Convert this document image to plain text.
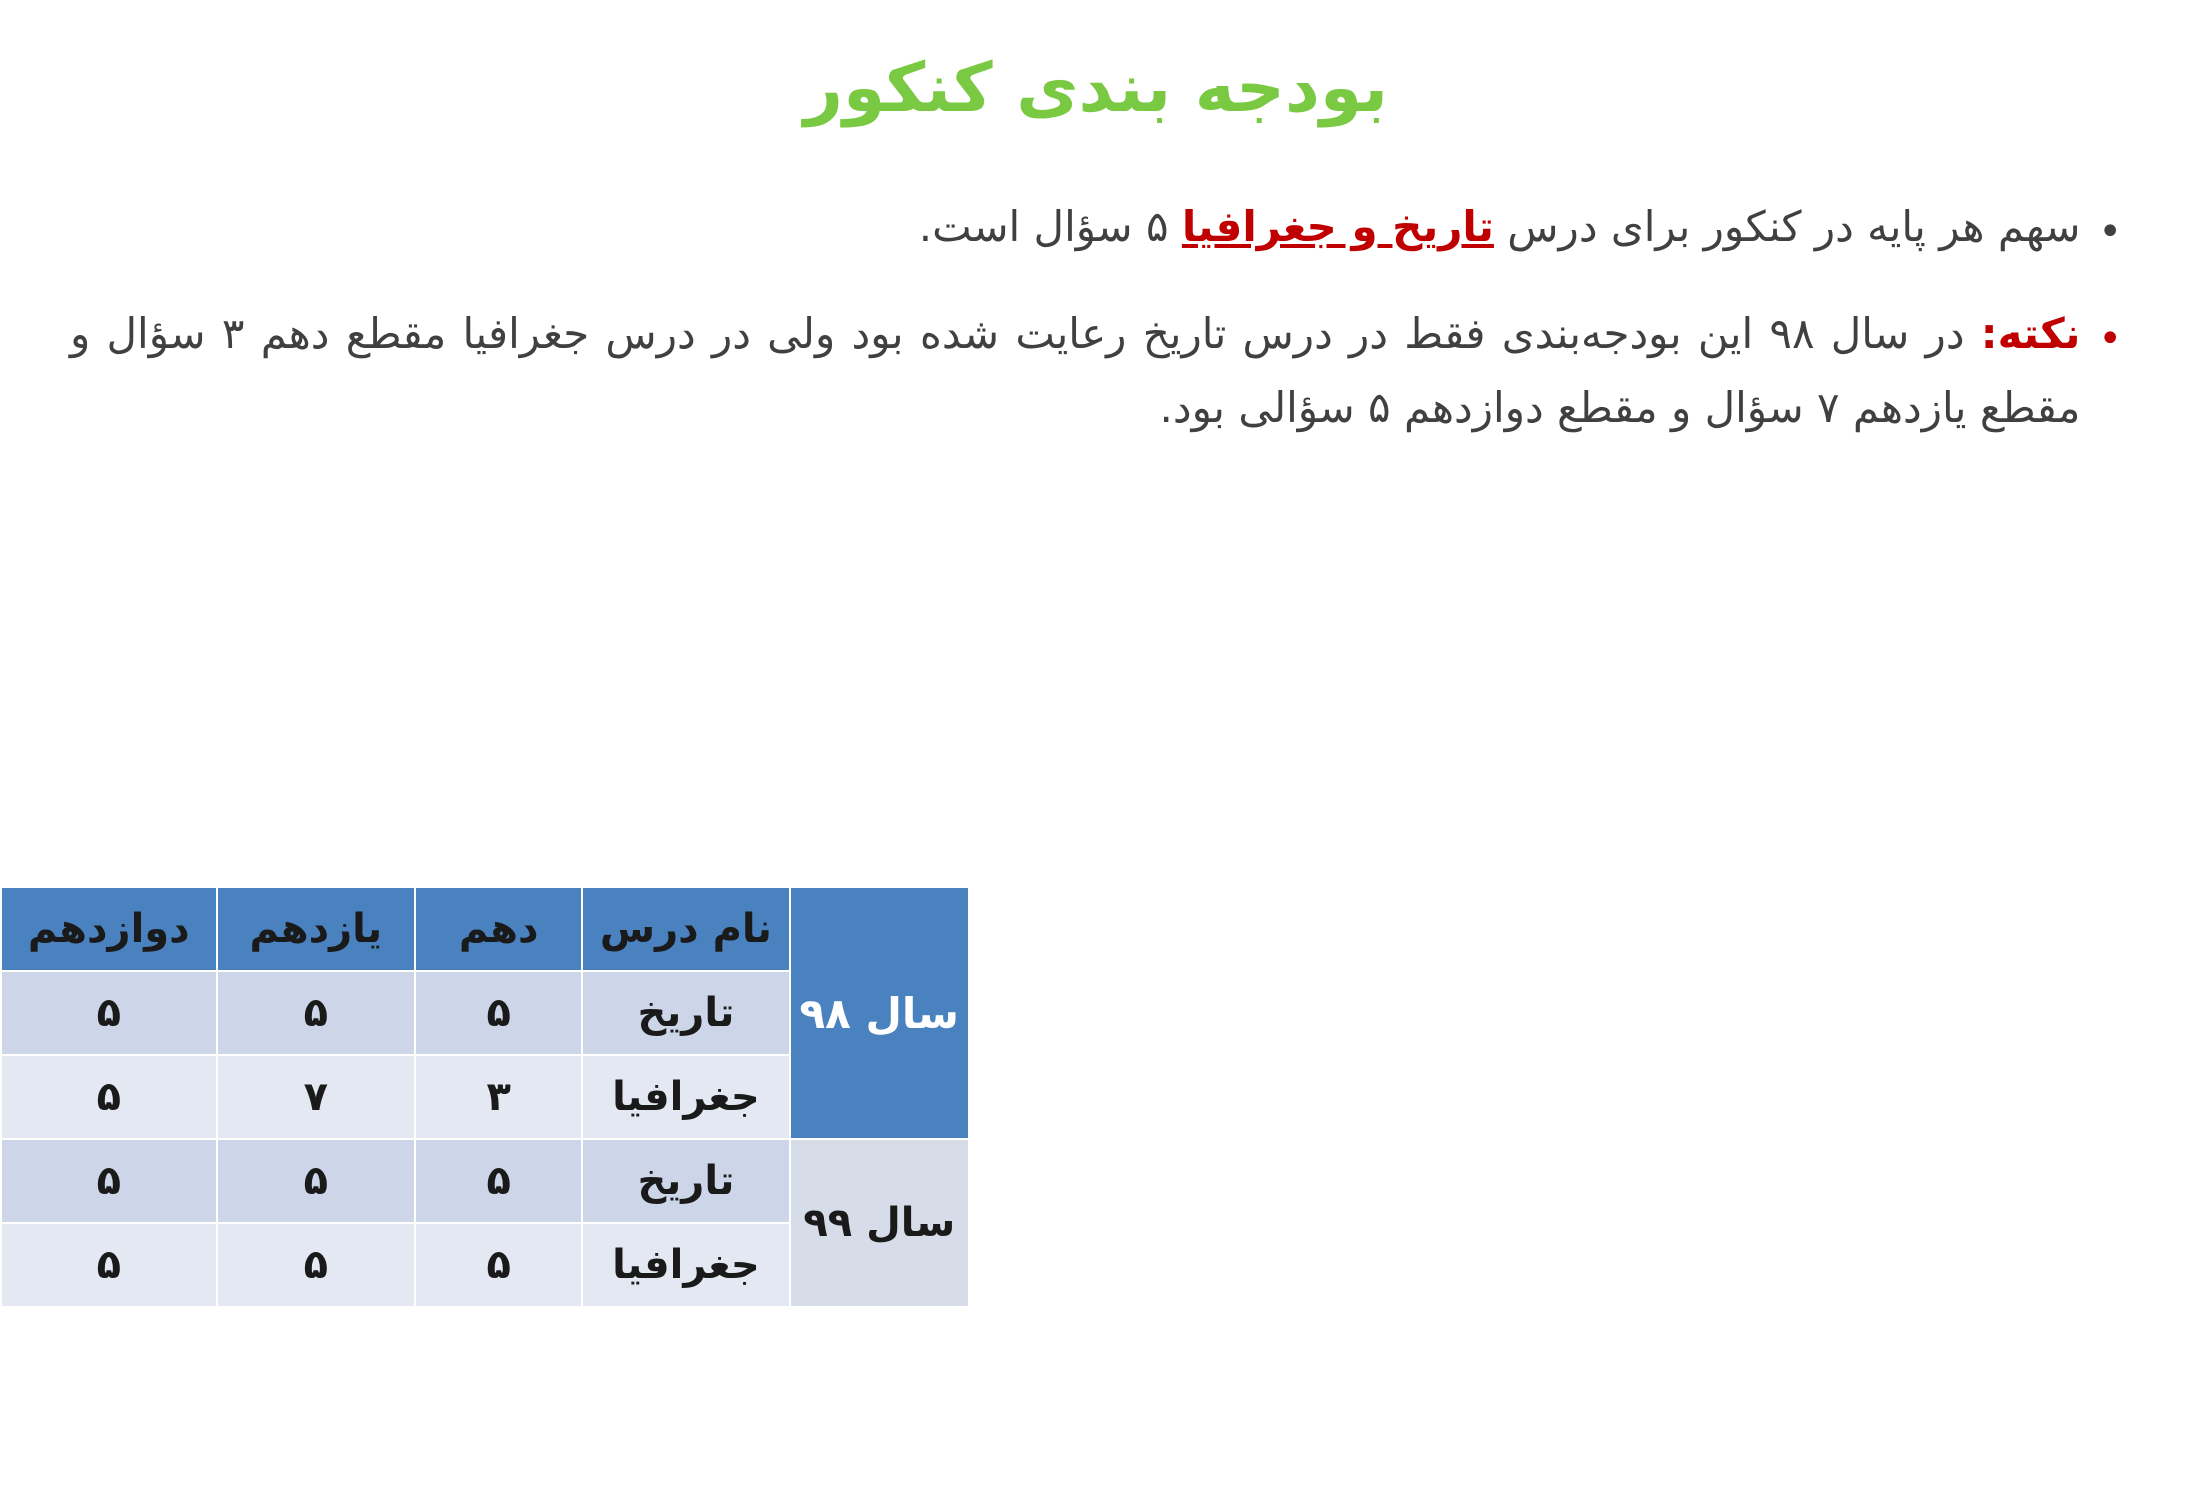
بودجه بندی کنکور
•
سهم هر پایه در کنکور برای درس تاریخ و جغرافیا ۵ سؤال است.
•
نکته: در سال ۹۸ این بودجه‌بندی فقط در درس تاریخ رعایت شده بود ولی در درس جغرافیا مقطع دهم ۳ سؤال و مقطع یازدهم ۷ سؤال و مقطع دوازدهم ۵ سؤالی بود.
سال ۹۸	نام درس	دهم	یازدهم	دوازدهم
	تاریخ	۵	۵	۵
	جغرافیا	۳	۷	۵
سال ۹۹	تاریخ	۵	۵	۵
	جغرافیا	۵	۵	۵
